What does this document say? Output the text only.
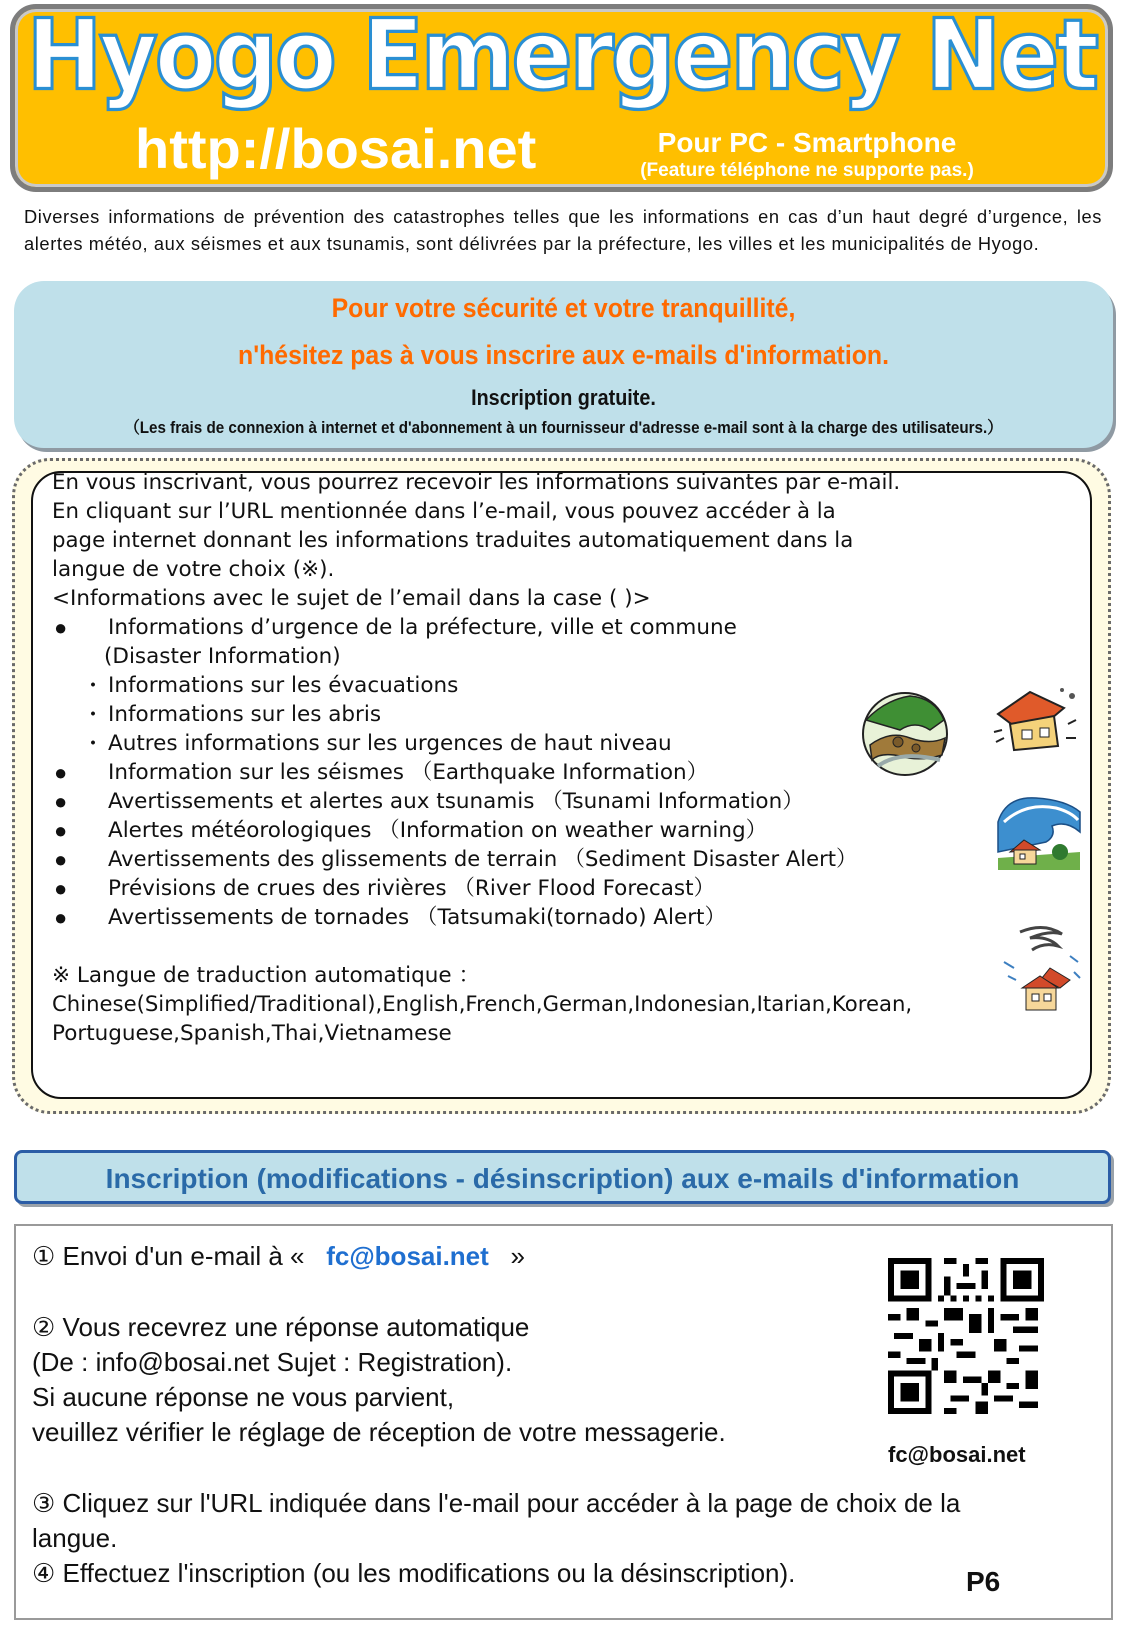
Hyogo Emergency Net
http://bosai.net	Pour PC - Smartphone
(Feature téléphone ne supporte pas.)
Diverses informations de prévention des catastrophes telles que les informations en cas d’un haut degré d’urgence, les alertes météo, aux séismes et aux tsunamis, sont délivrées par la préfecture, les villes et les municipalités de Hyogo.
Pour votre sécurité et votre tranquillité,
n'hésitez pas à vous inscrire aux e-mails d'information.
Inscription gratuite.
（Les frais de connexion à internet et d'abonnement à un fournisseur d'adresse e-mail sont à la charge des utilisateurs.）
En vous inscrivant, vous pourrez recevoir les informations suivantes par e-mail.
En cliquant sur l’URL mentionnée dans l’e-mail, vous pouvez accéder à la
page internet donnant les informations traduites automatiquement dans la
langue de votre choix (※).
<Informations avec le sujet de l’email dans la case ( )>
● Informations d’urgence de la préfecture, ville et commune
(Disaster Information)
・ Informations sur les évacuations
・ Informations sur les abris
・ Autres informations sur les urgences de haut niveau
● Information sur les séismes （Earthquake Information）
● Avertissements et alertes aux tsunamis （Tsunami Information）
● Alertes météorologiques （Information on weather warning）
● Avertissements des glissements de terrain （Sediment Disaster Alert）
● Prévisions de crues des rivières （River Flood Forecast）
● Avertissements de tornades （Tatsumaki(tornado) Alert）
※ Langue de traduction automatique ：
Chinese(Simplified/Traditional),English,French,German,Indonesian,Itarian,Korean,
Portuguese,Spanish,Thai,Vietnamese
Inscription (modifications - désinscription) aux e-mails d'information
① Envoi d'un e-mail à « fc@bosai.net »
② Vous recevrez une réponse automatique
(De : info@bosai.net Sujet : Registration).
Si aucune réponse ne vous parvient,
veuillez vérifier le réglage de réception de votre messagerie.
③ Cliquez sur l'URL indiquée dans l'e-mail pour accéder à la page de choix de la
langue.
④ Effectuez l'inscription (ou les modifications ou la désinscription).
fc@bosai.net
P6
